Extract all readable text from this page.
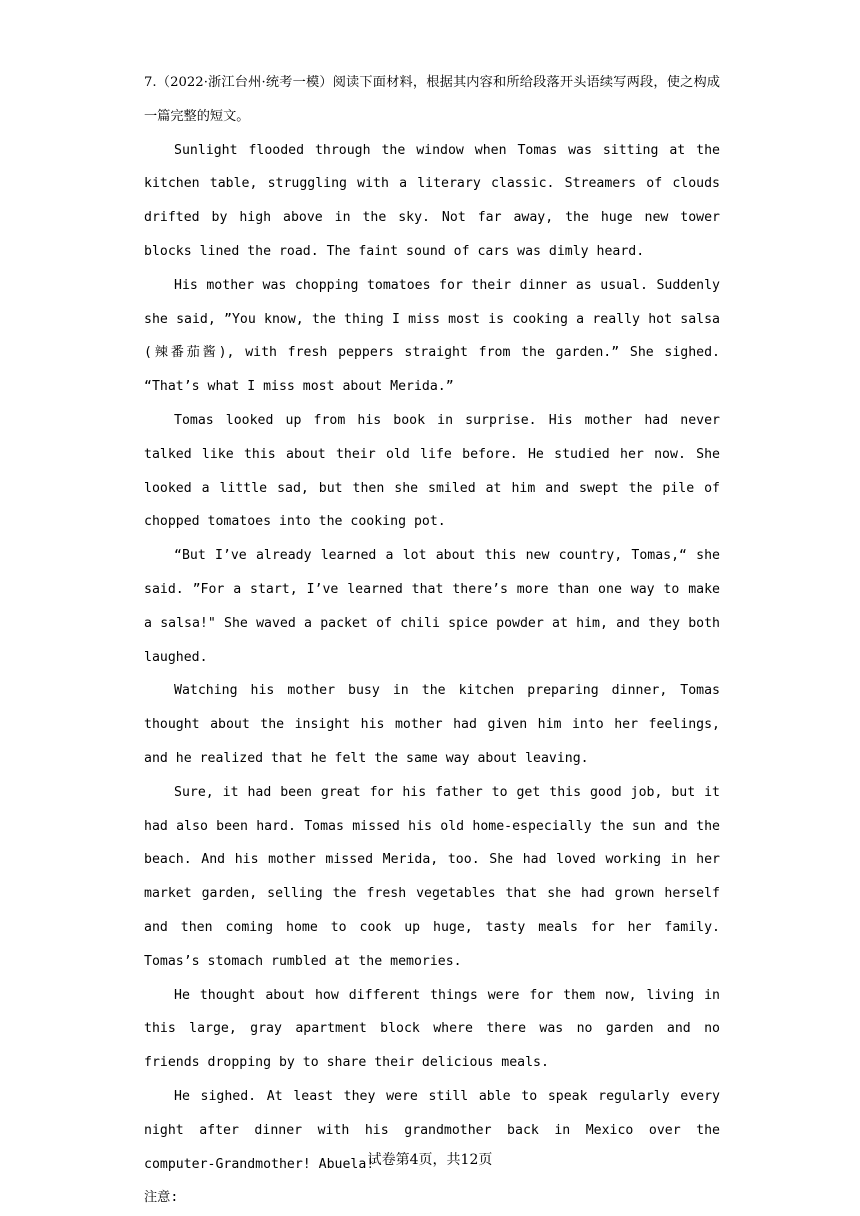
7.（2022·浙江台州·统考一模）阅读下面材料，根据其内容和所给段落开头语续写两段，使之构成一篇完整的短文。

Sunlight flooded through the window when Tomas was sitting at the kitchen table, struggling with a literary classic. Streamers of clouds drifted by high above in the sky. Not far away, the huge new tower blocks lined the road. The faint sound of cars was dimly heard.

His mother was chopping tomatoes for their dinner as usual. Suddenly she said, ”You know, the thing I miss most is cooking a really hot salsa (辣番茄酱), with fresh peppers straight from the garden.” She sighed. “That’s what I miss most about Merida.”

Tomas looked up from his book in surprise. His mother had never talked like this about their old life before. He studied her now. She looked a little sad, but then she smiled at him and swept the pile of chopped tomatoes into the cooking pot.

“But I’ve already learned a lot about this new country, Tomas,“ she said. ”For a start, I’ve learned that there’s more than one way to make a salsa!" She waved a packet of chili spice powder at him, and they both laughed.

Watching his mother busy in the kitchen preparing dinner, Tomas thought about the insight his mother had given him into her feelings, and he realized that he felt the same way about leaving.

Sure, it had been great for his father to get this good job, but it had also been hard. Tomas missed his old home-especially the sun and the beach. And his mother missed Merida, too. She had loved working in her market garden, selling the fresh vegetables that she had grown herself and then coming home to cook up huge, tasty meals for her family. Tomas’s stomach rumbled at the memories.

He thought about how different things were for them now, living in this large, gray apartment block where there was no garden and no friends dropping by to share their delicious meals.

He sighed. At least they were still able to speak regularly every night after dinner with his grandmother back in Mexico over the computer-Grandmother! Abuela!

注意:

试卷第4页，共12页
